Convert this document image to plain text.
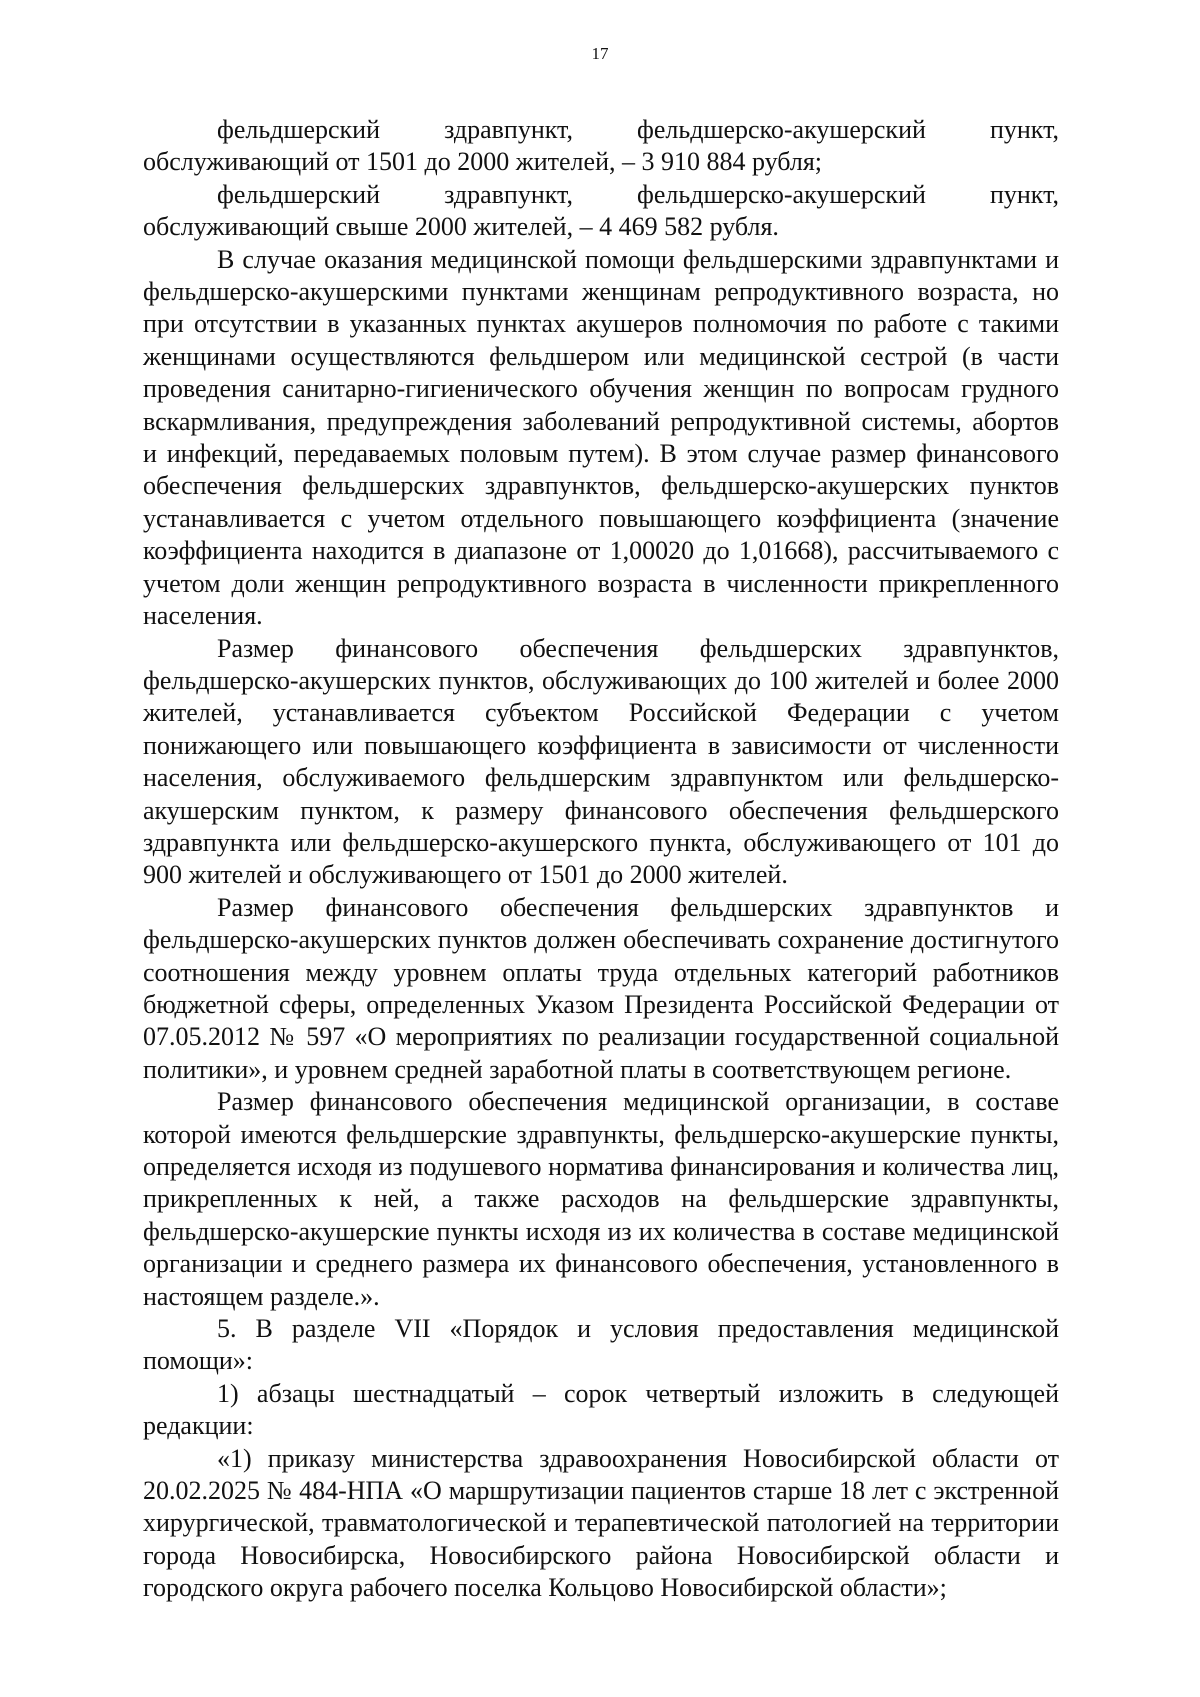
17

фельдшерский здравпункт, фельдшерско-акушерский пункт, обслуживающий от 1501 до 2000 жителей, – 3 910 884 рубля;

фельдшерский здравпункт, фельдшерско-акушерский пункт, обслуживающий свыше 2000 жителей, – 4 469 582 рубля.

В случае оказания медицинской помощи фельдшерскими здравпунктами и фельдшерско-акушерскими пунктами женщинам репродуктивного возраста, но при отсутствии в указанных пунктах акушеров полномочия по работе с такими женщинами осуществляются фельдшером или медицинской сестрой (в части проведения санитарно-гигиенического обучения женщин по вопросам грудного вскармливания, предупреждения заболеваний репродуктивной системы, абортов и инфекций, передаваемых половым путем). В этом случае размер финансового обеспечения фельдшерских здравпунктов, фельдшерско-акушерских пунктов устанавливается с учетом отдельного повышающего коэффициента (значение коэффициента находится в диапазоне от 1,00020 до 1,01668), рассчитываемого с учетом доли женщин репродуктивного возраста в численности прикрепленного населения.

Размер финансового обеспечения фельдшерских здравпунктов, фельдшерско-акушерских пунктов, обслуживающих до 100 жителей и более 2000 жителей, устанавливается субъектом Российской Федерации с учетом понижающего или повышающего коэффициента в зависимости от численности населения, обслуживаемого фельдшерским здравпунктом или фельдшерско-акушерским пунктом, к размеру финансового обеспечения фельдшерского здравпункта или фельдшерско-акушерского пункта, обслуживающего от 101 до 900 жителей и обслуживающего от 1501 до 2000 жителей.

Размер финансового обеспечения фельдшерских здравпунктов и фельдшерско-акушерских пунктов должен обеспечивать сохранение достигнутого соотношения между уровнем оплаты труда отдельных категорий работников бюджетной сферы, определенных Указом Президента Российской Федерации от 07.05.2012 № 597 «О мероприятиях по реализации государственной социальной политики», и уровнем средней заработной платы в соответствующем регионе.

Размер финансового обеспечения медицинской организации, в составе которой имеются фельдшерские здравпункты, фельдшерско-акушерские пункты, определяется исходя из подушевого норматива финансирования и количества лиц, прикрепленных к ней, а также расходов на фельдшерские здравпункты, фельдшерско-акушерские пункты исходя из их количества в составе медицинской организации и среднего размера их финансового обеспечения, установленного в настоящем разделе.».

5. В разделе VII «Порядок и условия предоставления медицинской помощи»:

1) абзацы шестнадцатый – сорок четвертый изложить в следующей редакции:

«1) приказу министерства здравоохранения Новосибирской области от 20.02.2025 № 484-НПА «О маршрутизации пациентов старше 18 лет с экстренной хирургической, травматологической и терапевтической патологией на территории города Новосибирска, Новосибирского района Новосибирской области и городского округа рабочего поселка Кольцово Новосибирской области»;
